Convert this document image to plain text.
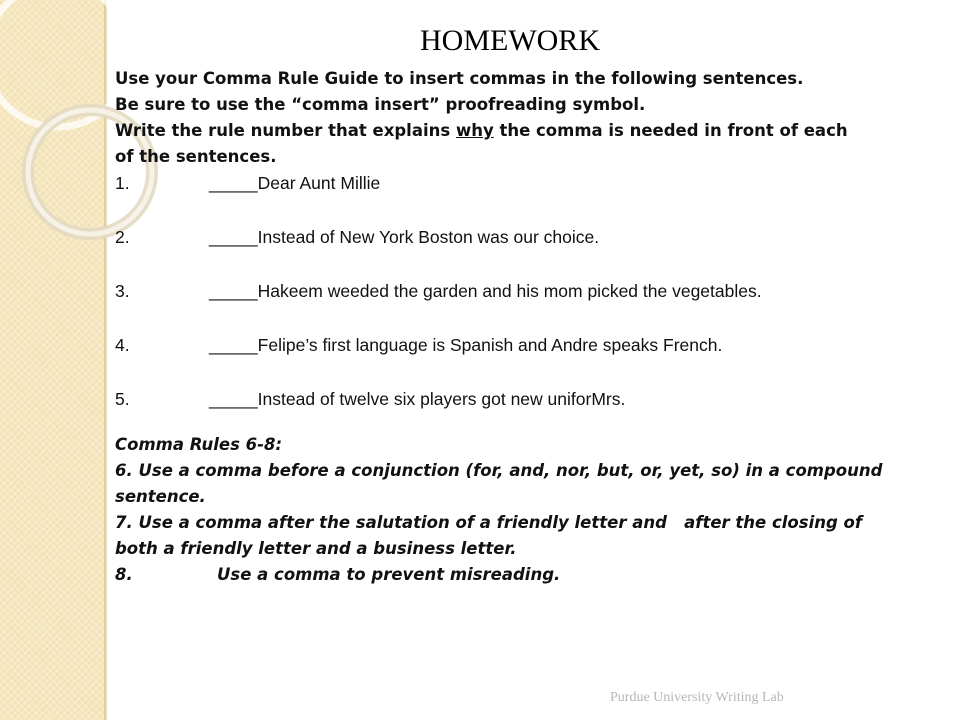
HOMEWORK
Use your Comma Rule Guide to insert commas in the following sentences.
Be sure to use the “comma insert” proofreading symbol.
Write the rule number that explains why the comma is needed in front of each
of the sentences.
1.	_____ Dear Aunt Millie
2.	_____ Instead of New York Boston was our choice.
3.	_____ Hakeem weeded the garden and his mom picked the vegetables.
4.	_____ Felipe’s first language is Spanish and Andre speaks French.
5.	_____ Instead of twelve six players got new uniforMrs.
Comma Rules 6-8:
6. Use a comma before a conjunction (for, and, nor, but, or, yet, so) in a compound
sentence.
7. Use a comma after the salutation of a friendly letter and   after the closing of
both a friendly letter and a business letter.
8.	Use a comma to prevent misreading.
Purdue University Writing Lab
